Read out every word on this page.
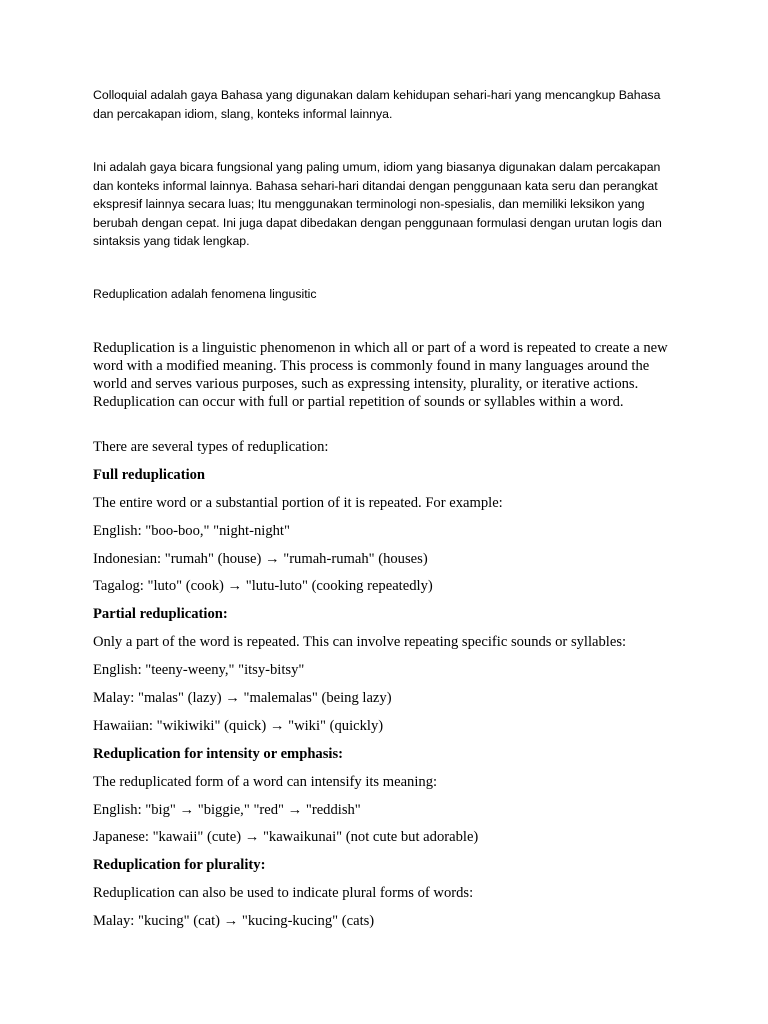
Colloquial adalah gaya Bahasa yang digunakan dalam kehidupan sehari-hari yang mencangkup Bahasa dan percakapan idiom, slang, konteks informal lainnya.

Ini adalah gaya bicara fungsional yang paling umum, idiom yang biasanya digunakan dalam percakapan dan konteks informal lainnya. Bahasa sehari-hari ditandai dengan penggunaan kata seru dan perangkat ekspresif lainnya secara luas; Itu menggunakan terminologi non-spesialis, dan memiliki leksikon yang berubah dengan cepat. Ini juga dapat dibedakan dengan penggunaan formulasi dengan urutan logis dan sintaksis yang tidak lengkap.

Reduplication adalah fenomena lingusitic

Reduplication is a linguistic phenomenon in which all or part of a word is repeated to create a new word with a modified meaning. This process is commonly found in many languages around the world and serves various purposes, such as expressing intensity, plurality, or iterative actions. Reduplication can occur with full or partial repetition of sounds or syllables within a word.

There are several types of reduplication:

Full reduplication

The entire word or a substantial portion of it is repeated. For example:

English: "boo-boo," "night-night"

Indonesian: "rumah" (house) → "rumah-rumah" (houses)

Tagalog: "luto" (cook) → "lutu-luto" (cooking repeatedly)

Partial reduplication:

Only a part of the word is repeated. This can involve repeating specific sounds or syllables:

English: "teeny-weeny," "itsy-bitsy"

Malay: "malas" (lazy) → "malemalas" (being lazy)

Hawaiian: "wikiwiki" (quick) → "wiki" (quickly)

Reduplication for intensity or emphasis:

The reduplicated form of a word can intensify its meaning:

English: "big" → "biggie," "red" → "reddish"

Japanese: "kawaii" (cute) → "kawaikunai" (not cute but adorable)

Reduplication for plurality:

Reduplication can also be used to indicate plural forms of words:

Malay: "kucing" (cat) → "kucing-kucing" (cats)
